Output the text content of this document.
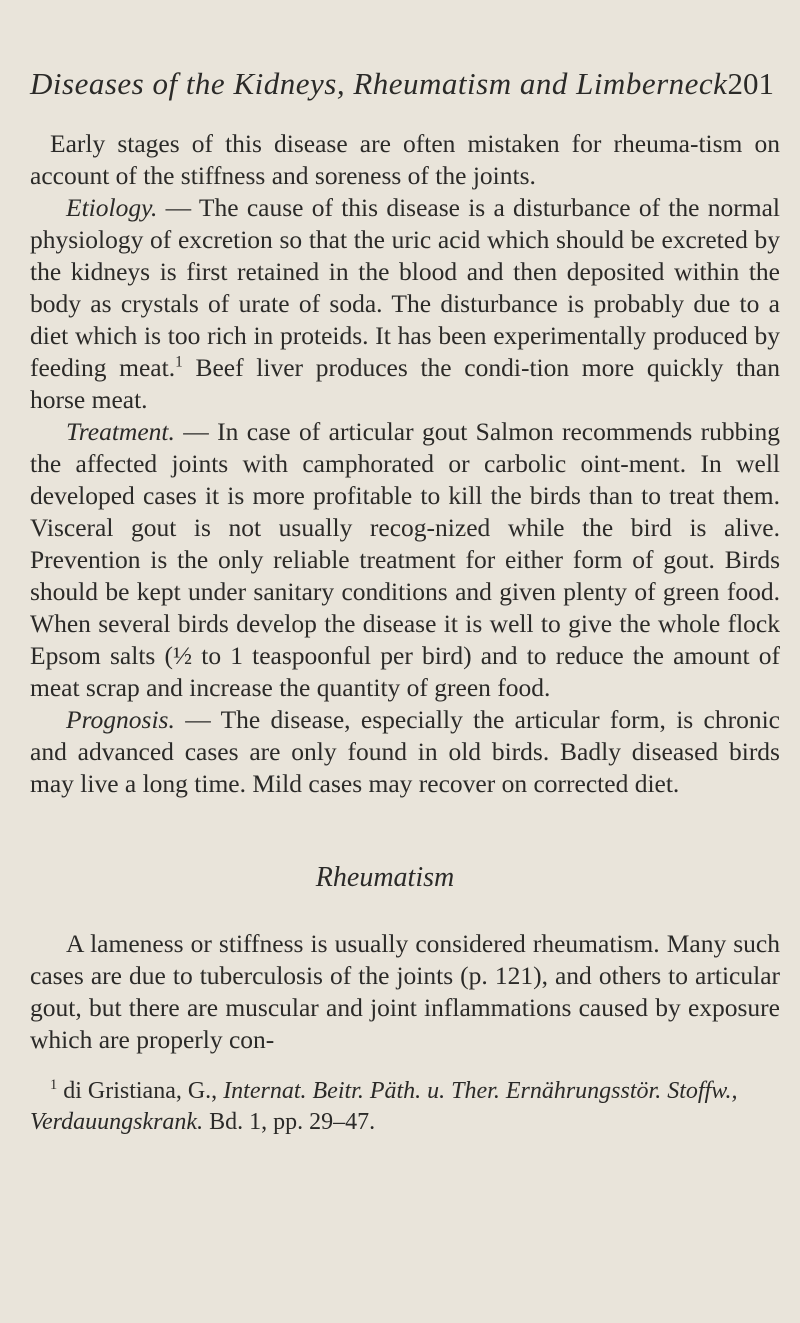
Diseases of the Kidneys, Rheumatism and Limberneck 201

Early stages of this disease are often mistaken for rheuma-tism on account of the stiffness and soreness of the joints.

Etiology. — The cause of this disease is a disturbance of the normal physiology of excretion so that the uric acid which should be excreted by the kidneys is first retained in the blood and then deposited within the body as crystals of urate of soda. The disturbance is probably due to a diet which is too rich in proteids. It has been experimentally produced by feeding meat.$^1$ Beef liver produces the condi-tion more quickly than horse meat.

Treatment. — In case of articular gout Salmon recommends rubbing the affected joints with camphorated or carbolic oint-ment. In well developed cases it is more profitable to kill the birds than to treat them. Visceral gout is not usually recog-nized while the bird is alive. Prevention is the only reliable treatment for either form of gout. Birds should be kept under sanitary conditions and given plenty of green food. When several birds develop the disease it is well to give the whole flock Epsom salts (½ to 1 teaspoonful per bird) and to reduce the amount of meat scrap and increase the quantity of green food.

Prognosis. — The disease, especially the articular form, is chronic and advanced cases are only found in old birds. Badly diseased birds may live a long time. Mild cases may recover on corrected diet.

Rheumatism

A lameness or stiffness is usually considered rheumatism. Many such cases are due to tuberculosis of the joints (p. 121), and others to articular gout, but there are muscular and joint inflammations caused by exposure which are properly con-

$^1$ di Gristiana, G., Internat. Beitr. Päth. u. Ther. Ernährungsstör. Stoffw., Verdauungskrank. Bd. 1, pp. 29–47.
